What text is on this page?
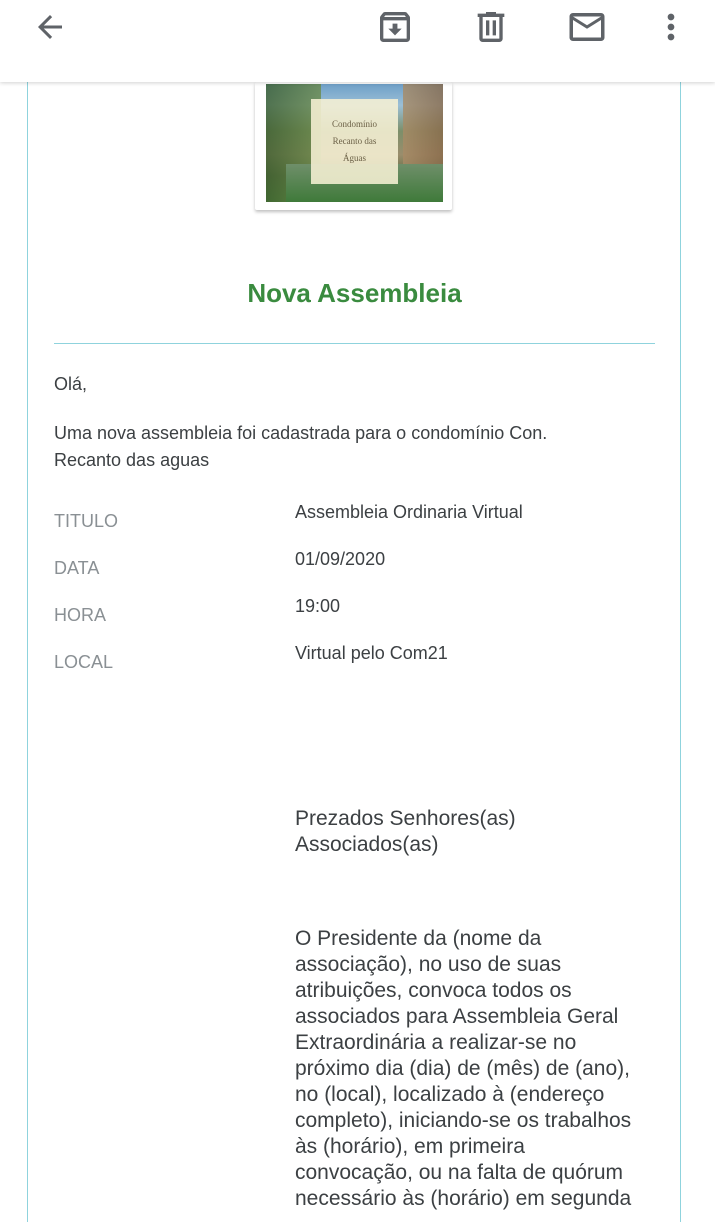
Condomínio
Recanto das
Águas
Nova Assembleia
Olá,
Uma nova assembleia foi cadastrada para o condomínio Con.
Recanto das aguas
TITULO	Assembleia Ordinaria Virtual
DATA	01/09/2020
HORA	19:00
LOCAL	Virtual pelo Com21
Prezados Senhores(as)
Associados(as)
O Presidente da (nome da
associação), no uso de suas
atribuições, convoca todos os
associados para Assembleia Geral
Extraordinária a realizar-se no
próximo dia (dia) de (mês) de (ano),
no (local), localizado à (endereço
completo), iniciando-se os trabalhos
às (horário), em primeira
convocação, ou na falta de quórum
necessário às (horário) em segunda
